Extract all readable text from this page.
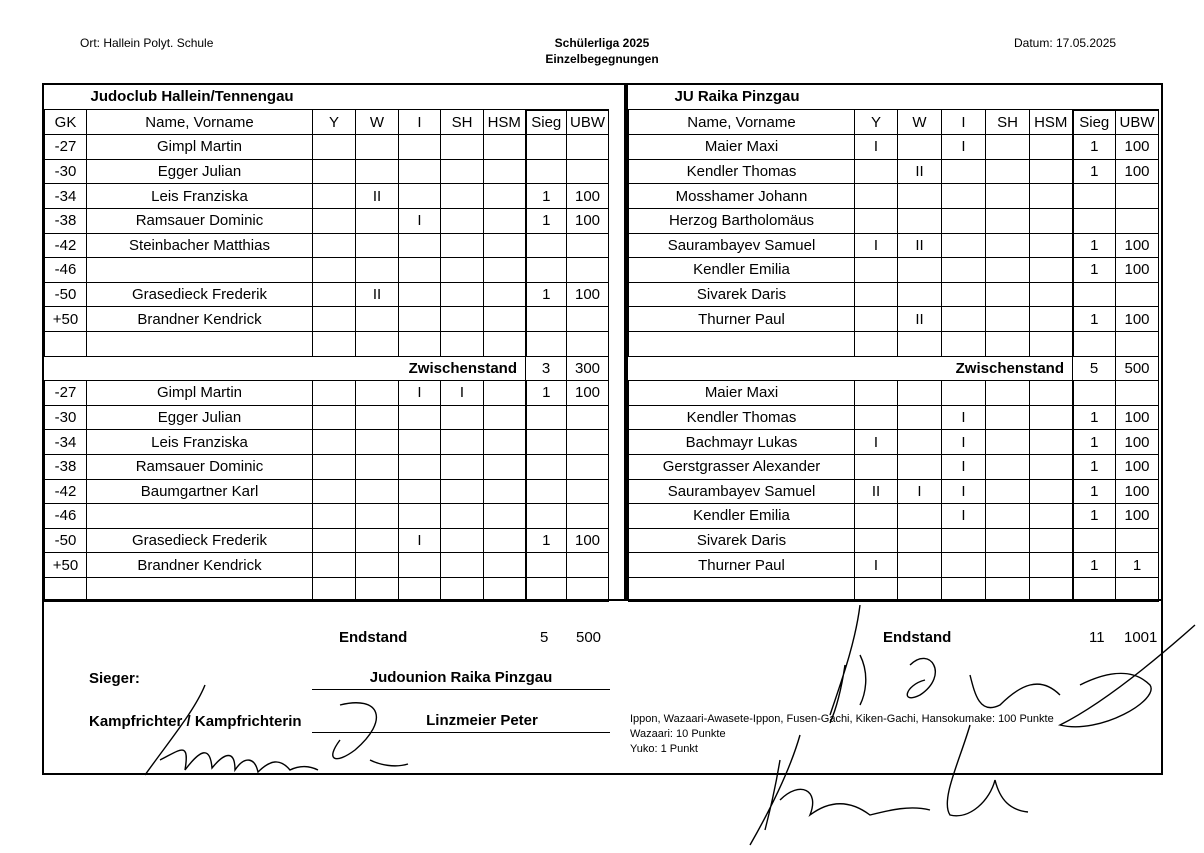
Ort: Hallein Polyt. Schule	Schülerliga 2025
Einzelbegegnungen
Datum: 17.05.2025
Judoclub Hallein/Tennengau								
GK	Name, Vorname	Y	W	I	SH	HSM	Sieg	UBW
-27	Gimpl Martin							
-30	Egger Julian							
-34	Leis Franziska		II				1	100
-38	Ramsauer Dominic			I			1	100
-42	Steinbacher Matthias							
-46								
-50	Grasedieck Frederik		II				1	100
+50	Brandner Kendrick							

Zwischenstand							3	300
-27	Gimpl Martin			I	I		1	100
-30	Egger Julian							
-34	Leis Franziska							
-38	Ramsauer Dominic							
-42	Baumgartner Karl							
-46								
-50	Grasedieck Frederik			I			1	100
+50	Brandner Kendrick							

JU Raika Pinzgau							
Name, Vorname	Y	W	I	SH	HSM	Sieg	UBW
Maier Maxi	I		I			1	100
Kendler Thomas		II				1	100
Mosshamer Johann							
Herzog Bartholomäus							
Saurambayev Samuel	I	II				1	100
Kendler Emilia						1	100
Sivarek Daris							
Thurner Paul		II				1	100

Zwischenstand						5	500
Maier Maxi							
Kendler Thomas			I			1	100
Bachmayr Lukas	I		I			1	100
Gerstgrasser Alexander			I			1	100
Saurambayev Samuel	II	I	I			1	100
Kendler Emilia			I			1	100
Sivarek Daris							
Thurner Paul	I					1	1

Endstand	5 500	Endstand	11 1001
Sieger:	Judounion Raika Pinzgau
Kampfrichter / Kampfrichterin	Linzmeier Peter	Ippon, Wazaari-Awasete-Ippon, Fusen-Gachi, Kiken-Gachi, Hansokumake: 100 Punkte
Wazaari: 10 Punkte
Yuko: 1 Punkt
